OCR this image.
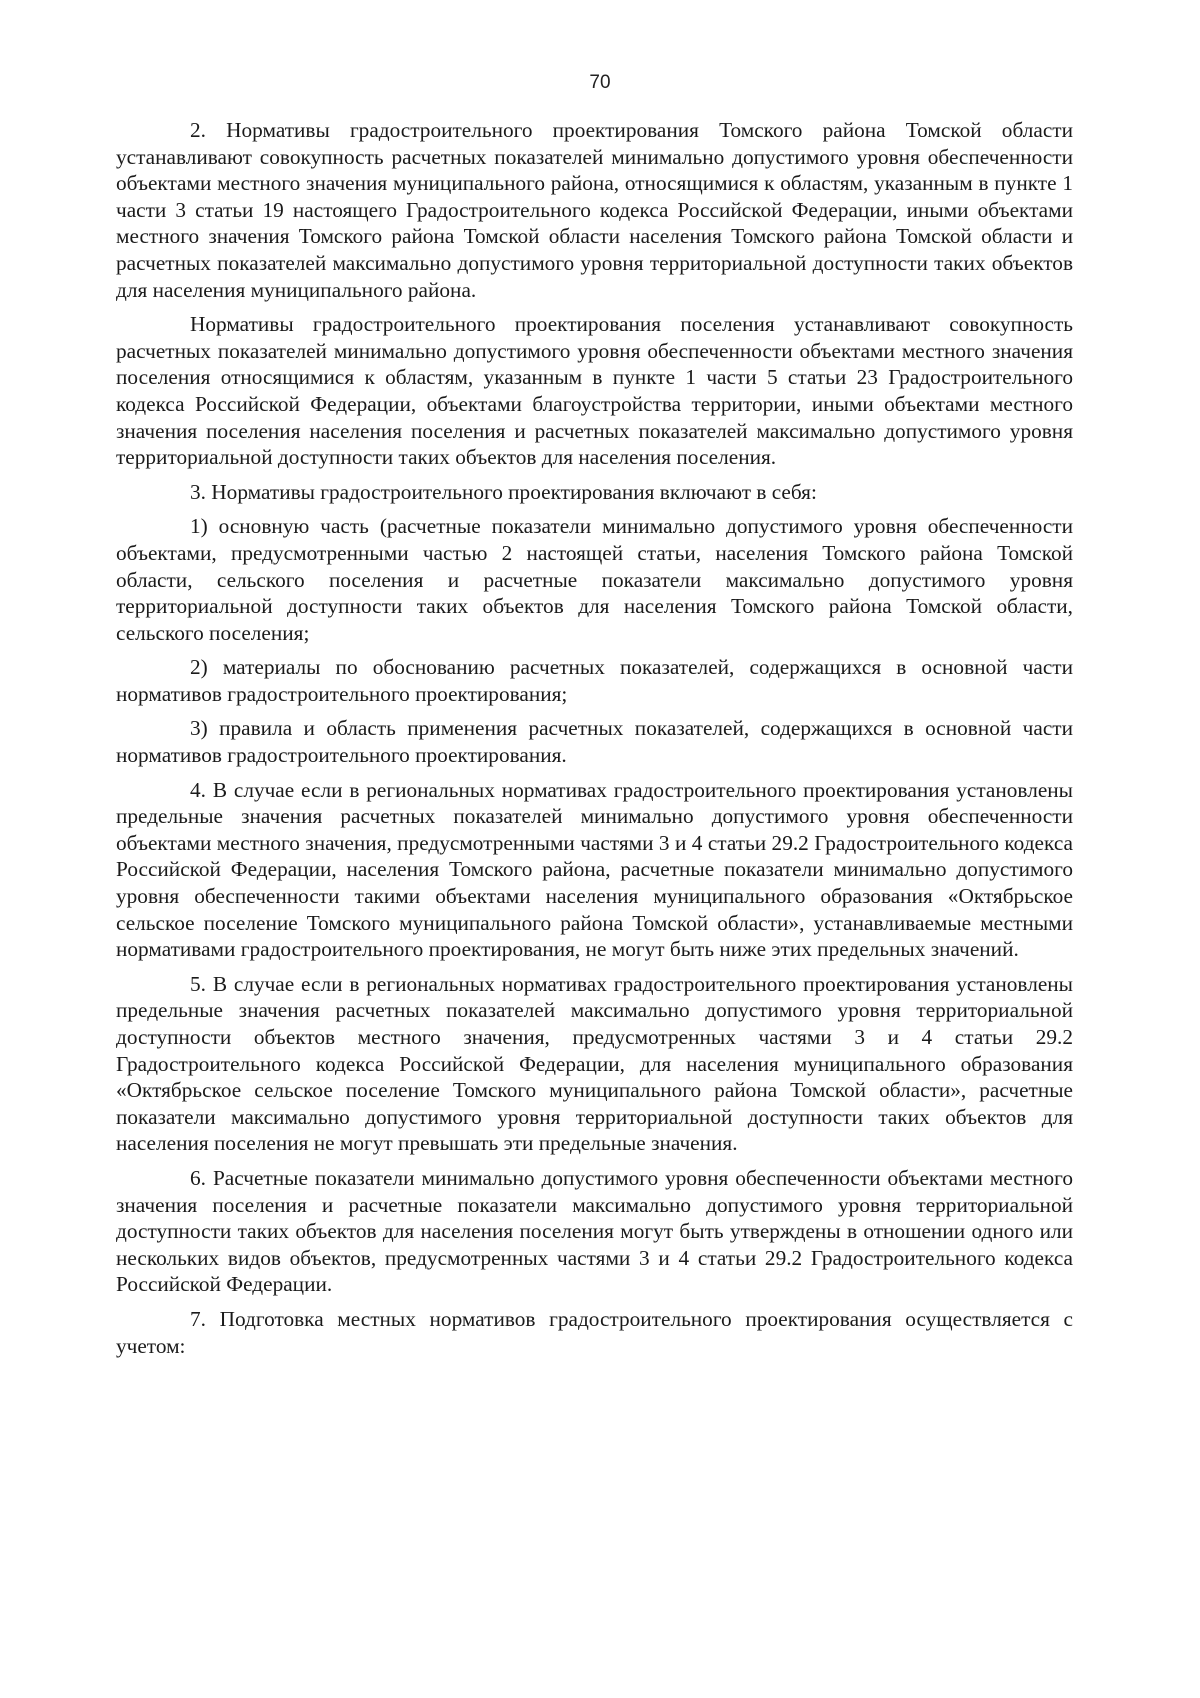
70

2. Нормативы градостроительного проектирования Томского района Томской области устанавливают совокупность расчетных показателей минимально допустимого уровня обеспеченности объектами местного значения муниципального района, относящимися к областям, указанным в пункте 1 части 3 статьи 19 настоящего Градостроительного кодекса Российской Федерации, иными объектами местного значения Томского района Томской области населения Томского района Томской области и расчетных показателей максимально допустимого уровня территориальной доступности таких объектов для населения муниципального района.

Нормативы градостроительного проектирования поселения устанавливают совокупность расчетных показателей минимально допустимого уровня обеспеченности объектами местного значения поселения относящимися к областям, указанным в пункте 1 части 5 статьи 23 Градостроительного кодекса Российской Федерации, объектами благоустройства территории, иными объектами местного значения поселения населения поселения и расчетных показателей максимально допустимого уровня территориальной доступности таких объектов для населения поселения.

3. Нормативы градостроительного проектирования включают в себя:

1) основную часть (расчетные показатели минимально допустимого уровня обеспеченности объектами, предусмотренными частью 2 настоящей статьи, населения Томского района Томской области, сельского поселения и расчетные показатели максимально допустимого уровня территориальной доступности таких объектов для населения Томского района Томской области, сельского поселения;

2) материалы по обоснованию расчетных показателей, содержащихся в основной части нормативов градостроительного проектирования;

3) правила и область применения расчетных показателей, содержащихся в основной части нормативов градостроительного проектирования.

4. В случае если в региональных нормативах градостроительного проектирования установлены предельные значения расчетных показателей минимально допустимого уровня обеспеченности объектами местного значения, предусмотренными частями 3 и 4 статьи 29.2 Градостроительного кодекса Российской Федерации, населения Томского района, расчетные показатели минимально допустимого уровня обеспеченности такими объектами населения муниципального образования «Октябрьское сельское поселение Томского муниципального района Томской области», устанавливаемые местными нормативами градостроительного проектирования, не могут быть ниже этих предельных значений.

5. В случае если в региональных нормативах градостроительного проектирования установлены предельные значения расчетных показателей максимально допустимого уровня территориальной доступности объектов местного значения, предусмотренных частями 3 и 4 статьи 29.2 Градостроительного кодекса Российской Федерации, для населения муниципального образования «Октябрьское сельское поселение Томского муниципального района Томской области», расчетные показатели максимально допустимого уровня территориальной доступности таких объектов для населения поселения не могут превышать эти предельные значения.

6. Расчетные показатели минимально допустимого уровня обеспеченности объектами местного значения поселения и расчетные показатели максимально допустимого уровня территориальной доступности таких объектов для населения поселения могут быть утверждены в отношении одного или нескольких видов объектов, предусмотренных частями 3 и 4 статьи 29.2 Градостроительного кодекса Российской Федерации.

7. Подготовка местных нормативов градостроительного проектирования осуществляется с учетом:
